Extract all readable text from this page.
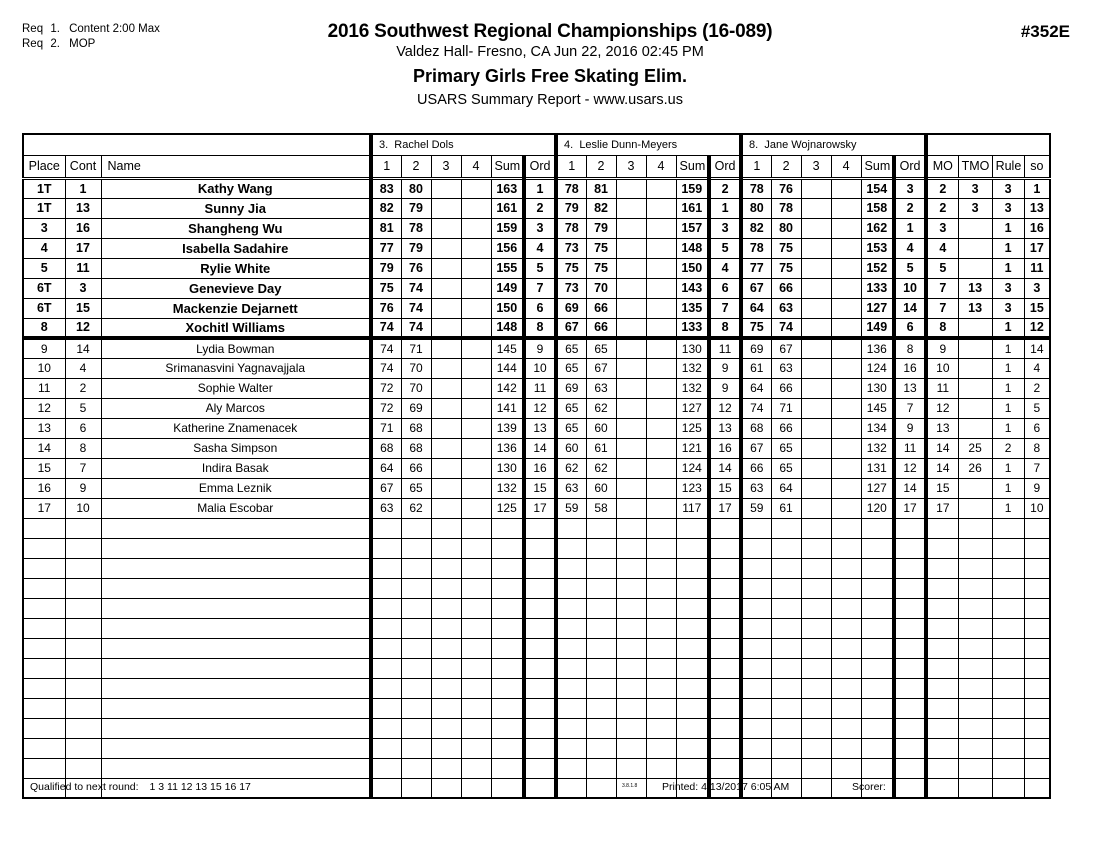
Req 1. Content 2:00 Max
Req 2. MOP
2016 Southwest Regional Championships (16-089)
Valdez Hall- Fresno, CA Jun 22, 2016 02:45 PM
Primary Girls Free Skating Elim.
USARS Summary Report - www.usars.us
#352E
			3.  Rachel Dols						4.  Leslie Dunn-Meyers						8.  Jane Wojnarowsky									
Place	Cont	Name	1	2	3	4	Sum	Ord	1	2	3	4	Sum	Ord	1	2	3	4	Sum	Ord	MO	TMO	Rule	so
1T	1	Kathy Wang	83	80			163	1	78	81			159	2	78	76			154	3	2	3	3	1
1T	13	Sunny Jia	82	79			161	2	79	82			161	1	80	78			158	2	2	3	3	13
3	16	Shangheng Wu	81	78			159	3	78	79			157	3	82	80			162	1	3		1	16
4	17	Isabella Sadahire	77	79			156	4	73	75			148	5	78	75			153	4	4		1	17
5	11	Rylie White	79	76			155	5	75	75			150	4	77	75			152	5	5		1	11
6T	3	Genevieve Day	75	74			149	7	73	70			143	6	67	66			133	10	7	13	3	3
6T	15	Mackenzie Dejarnett	76	74			150	6	69	66			135	7	64	63			127	14	7	13	3	15
8	12	Xochitl Williams	74	74			148	8	67	66			133	8	75	74			149	6	8		1	12
9	14	Lydia Bowman	74	71			145	9	65	65			130	11	69	67			136	8	9		1	14
10	4	Srimanasvini Yagnavajjala	74	70			144	10	65	67			132	9	61	63			124	16	10		1	4
11	2	Sophie Walter	72	70			142	11	69	63			132	9	64	66			130	13	11		1	2
12	5	Aly Marcos	72	69			141	12	65	62			127	12	74	71			145	7	12		1	5
13	6	Katherine Znamenacek	71	68			139	13	65	60			125	13	68	66			134	9	13		1	6
14	8	Sasha Simpson	68	68			136	14	60	61			121	16	67	65			132	11	14	25	2	8
15	7	Indira Basak	64	66			130	16	62	62			124	14	66	65			131	12	14	26	1	7
16	9	Emma Leznik	67	65			132	15	63	60			123	15	63	64			127	14	15		1	9
17	10	Malia Escobar	63	62			125	17	59	58			117	17	59	61			120	17	17		1	10

Qualified to next round: 1 3 11 12 13 15 16 17	3.8.1.8 Printed: 4/13/2017 6:05 AM	Scorer:
